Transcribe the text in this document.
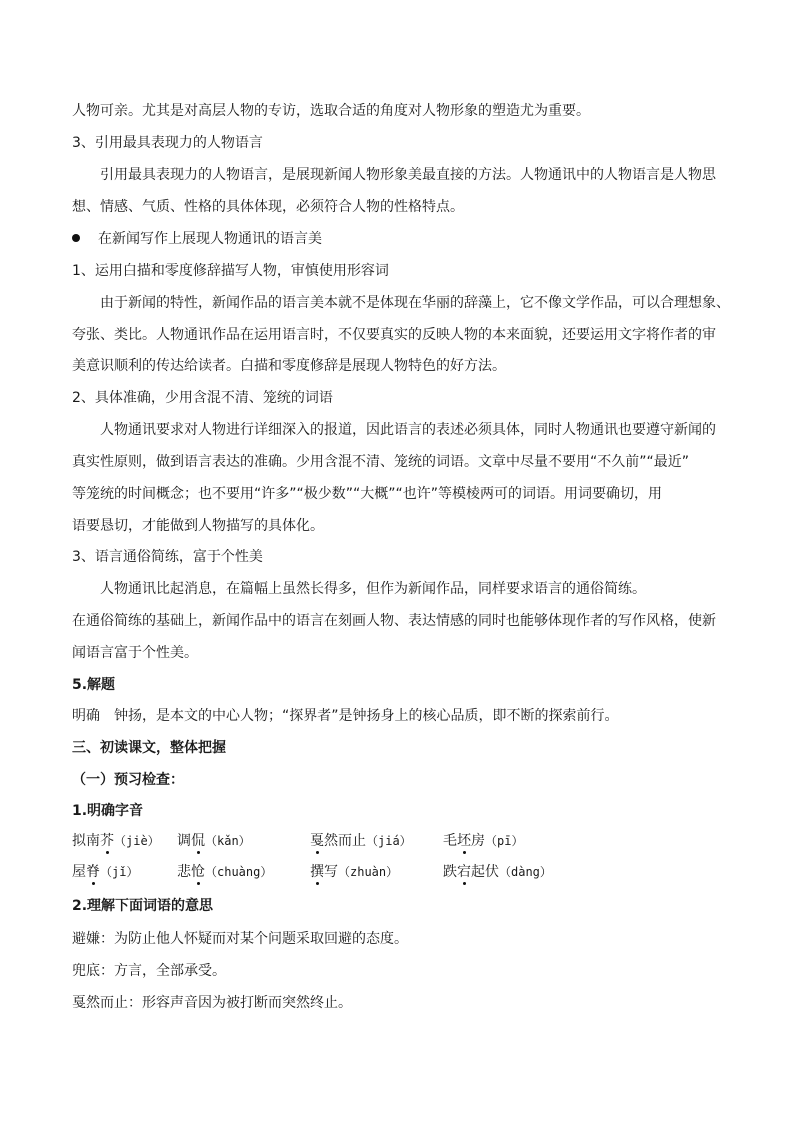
人物可亲。尤其是对高层人物的专访，选取合适的角度对人物形象的塑造尤为重要。
3、引用最具表现力的人物语言
引用最具表现力的人物语言，是展现新闻人物形象美最直接的方法。人物通讯中的人物语言是人物思
想、情感、气质、性格的具体体现，必须符合人物的性格特点。
在新闻写作上展现人物通讯的语言美
1、运用白描和零度修辞描写人物，审慎使用形容词
由于新闻的特性，新闻作品的语言美本就不是体现在华丽的辞藻上，它不像文学作品，可以合理想象、
夸张、类比。人物通讯作品在运用语言时，不仅要真实的反映人物的本来面貌，还要运用文字将作者的审
美意识顺利的传达给读者。白描和零度修辞是展现人物特色的好方法。
2、具体准确，少用含混不清、笼统的词语
人物通讯要求对人物进行详细深入的报道，因此语言的表述必须具体，同时人物通讯也要遵守新闻的
真实性原则，做到语言表达的准确。少用含混不清、笼统的词语。文章中尽量不要用“不久前”“最近”
等笼统的时间概念；也不要用“许多”“极少数”“大概”“也许”等模棱两可的词语。用词要确切，用
语要恳切，才能做到人物描写的具体化。
3、语言通俗简练，富于个性美
人物通讯比起消息，在篇幅上虽然长得多，但作为新闻作品，同样要求语言的通俗简练。
在通俗简练的基础上，新闻作品中的语言在刻画人物、表达情感的同时也能够体现作者的写作风格，使新
闻语言富于个性美。
5.解题
明确　钟扬，是本文的中心人物；“探界者”是钟扬身上的核心品质，即不断的探索前行。
三、初读课文，整体把握
（一）预习检查：
1.明确字音
拟南芥（jiè） 调侃（kǎn）	戛然而止（jiá） 毛坯房（pī）
屋脊（jǐ）	悲怆（chuàng）	撰写（zhuàn）	跌宕起伏（dàng）
2.理解下面词语的意思
避嫌：为防止他人怀疑而对某个问题采取回避的态度。
兜底：方言，全部承受。
戛然而止：形容声音因为被打断而突然终止。
